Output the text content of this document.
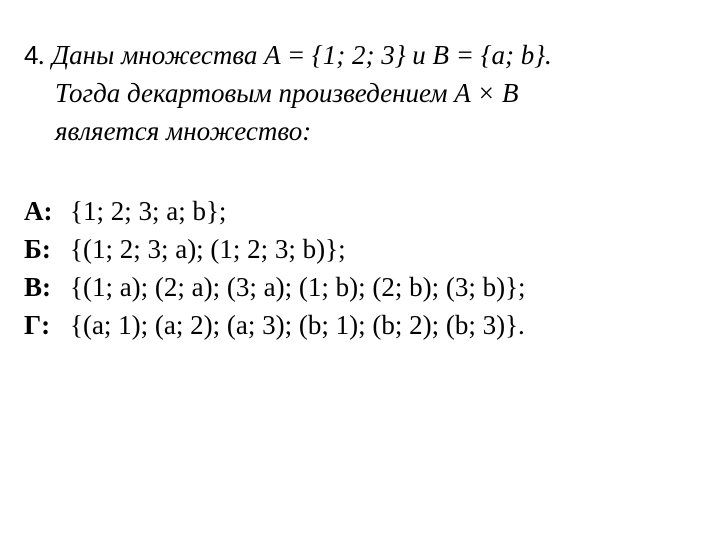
4. Даны множества A = {1; 2; 3} и B = {a; b}.
Тогда декартовым произведением A × B
является множество:
А: {1; 2; 3; a; b};
Б: {(1; 2; 3; a); (1; 2; 3; b)};
В: {(1; a); (2; a); (3; a); (1; b); (2; b); (3; b)};
Г: {(a; 1); (a; 2); (a; 3); (b; 1); (b; 2); (b; 3)}.
